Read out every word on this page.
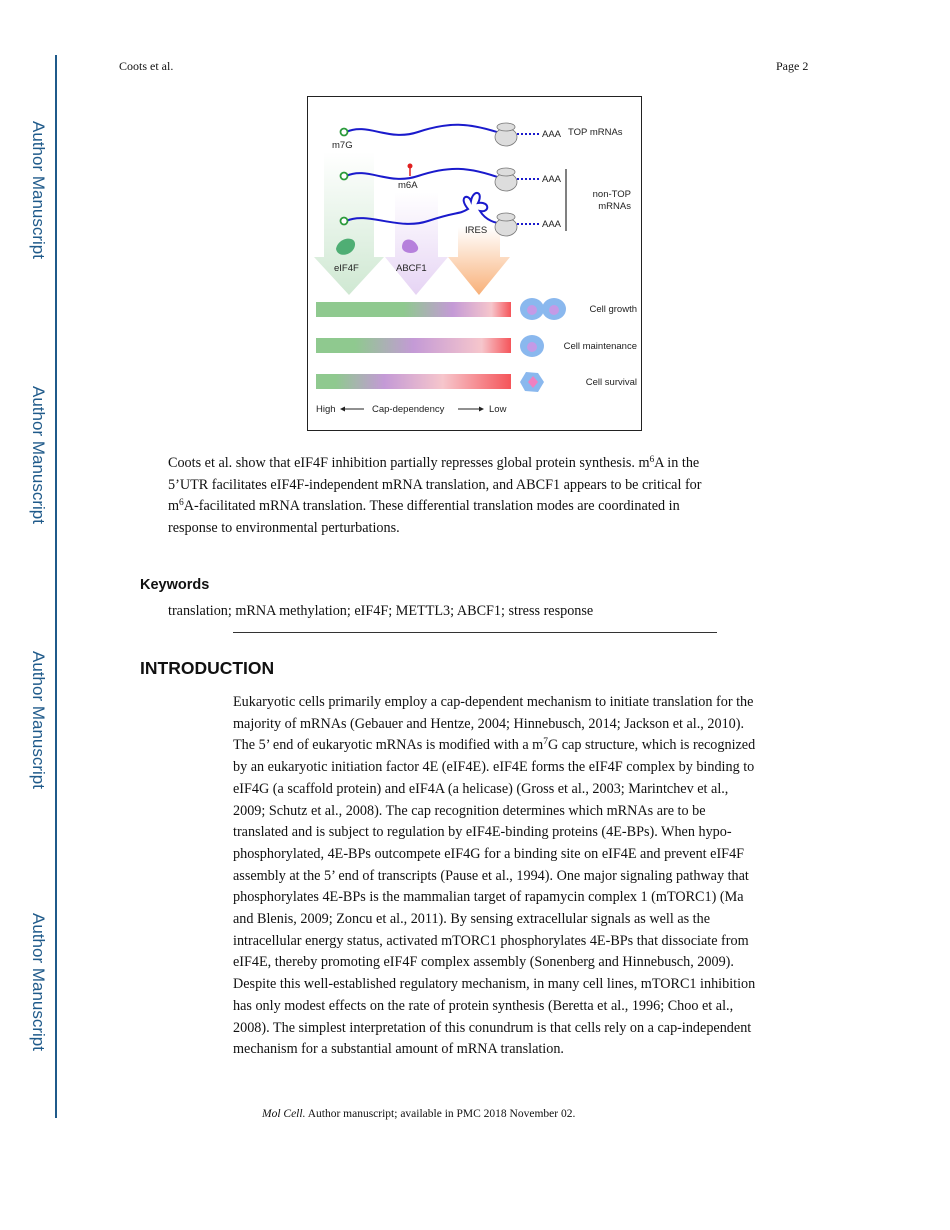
Author Manuscript
Author Manuscript
Author Manuscript
Author Manuscript
Coots et al.	Page 2
m7G
m6A
IRES
AAA
AAA
AAA
TOP mRNAs
non-TOP
mRNAs
eIF4F	ABCF1
Cell growth
Cell maintenance
Cell survival
High	Cap-dependency	Low
Coots et al. show that eIF4F inhibition partially represses global protein synthesis. $m^6A$ in the
5’UTR facilitates eIF4F-independent mRNA translation, and ABCF1 appears to be critical for
$m^6A$-facilitated mRNA translation. These differential translation modes are coordinated in
response to environmental perturbations.
Keywords
translation; mRNA methylation; eIF4F; METTL3; ABCF1; stress response
INTRODUCTION
Eukaryotic cells primarily employ a cap-dependent mechanism to initiate translation for the
majority of mRNAs (Gebauer and Hentze, 2004; Hinnebusch, 2014; Jackson et al., 2010).
The 5’ end of eukaryotic mRNAs is modified with a $m^7G$ cap structure, which is recognized
by an eukaryotic initiation factor 4E (eIF4E). eIF4E forms the eIF4F complex by binding to
eIF4G (a scaffold protein) and eIF4A (a helicase) (Gross et al., 2003; Marintchev et al.,
2009; Schutz et al., 2008). The cap recognition determines which mRNAs are to be
translated and is subject to regulation by eIF4E-binding proteins (4E-BPs). When hypo-
phosphorylated, 4E-BPs outcompete eIF4G for a binding site on eIF4E and prevent eIF4F
assembly at the 5’ end of transcripts (Pause et al., 1994). One major signaling pathway that
phosphorylates 4E-BPs is the mammalian target of rapamycin complex 1 (mTORC1) (Ma
and Blenis, 2009; Zoncu et al., 2011). By sensing extracellular signals as well as the
intracellular energy status, activated mTORC1 phosphorylates 4E-BPs that dissociate from
eIF4E, thereby promoting eIF4F complex assembly (Sonenberg and Hinnebusch, 2009).
Despite this well-established regulatory mechanism, in many cell lines, mTORC1 inhibition
has only modest effects on the rate of protein synthesis (Beretta et al., 1996; Choo et al.,
2008). The simplest interpretation of this conundrum is that cells rely on a cap-independent
mechanism for a substantial amount of mRNA translation.
Mol Cell. Author manuscript; available in PMC 2018 November 02.
